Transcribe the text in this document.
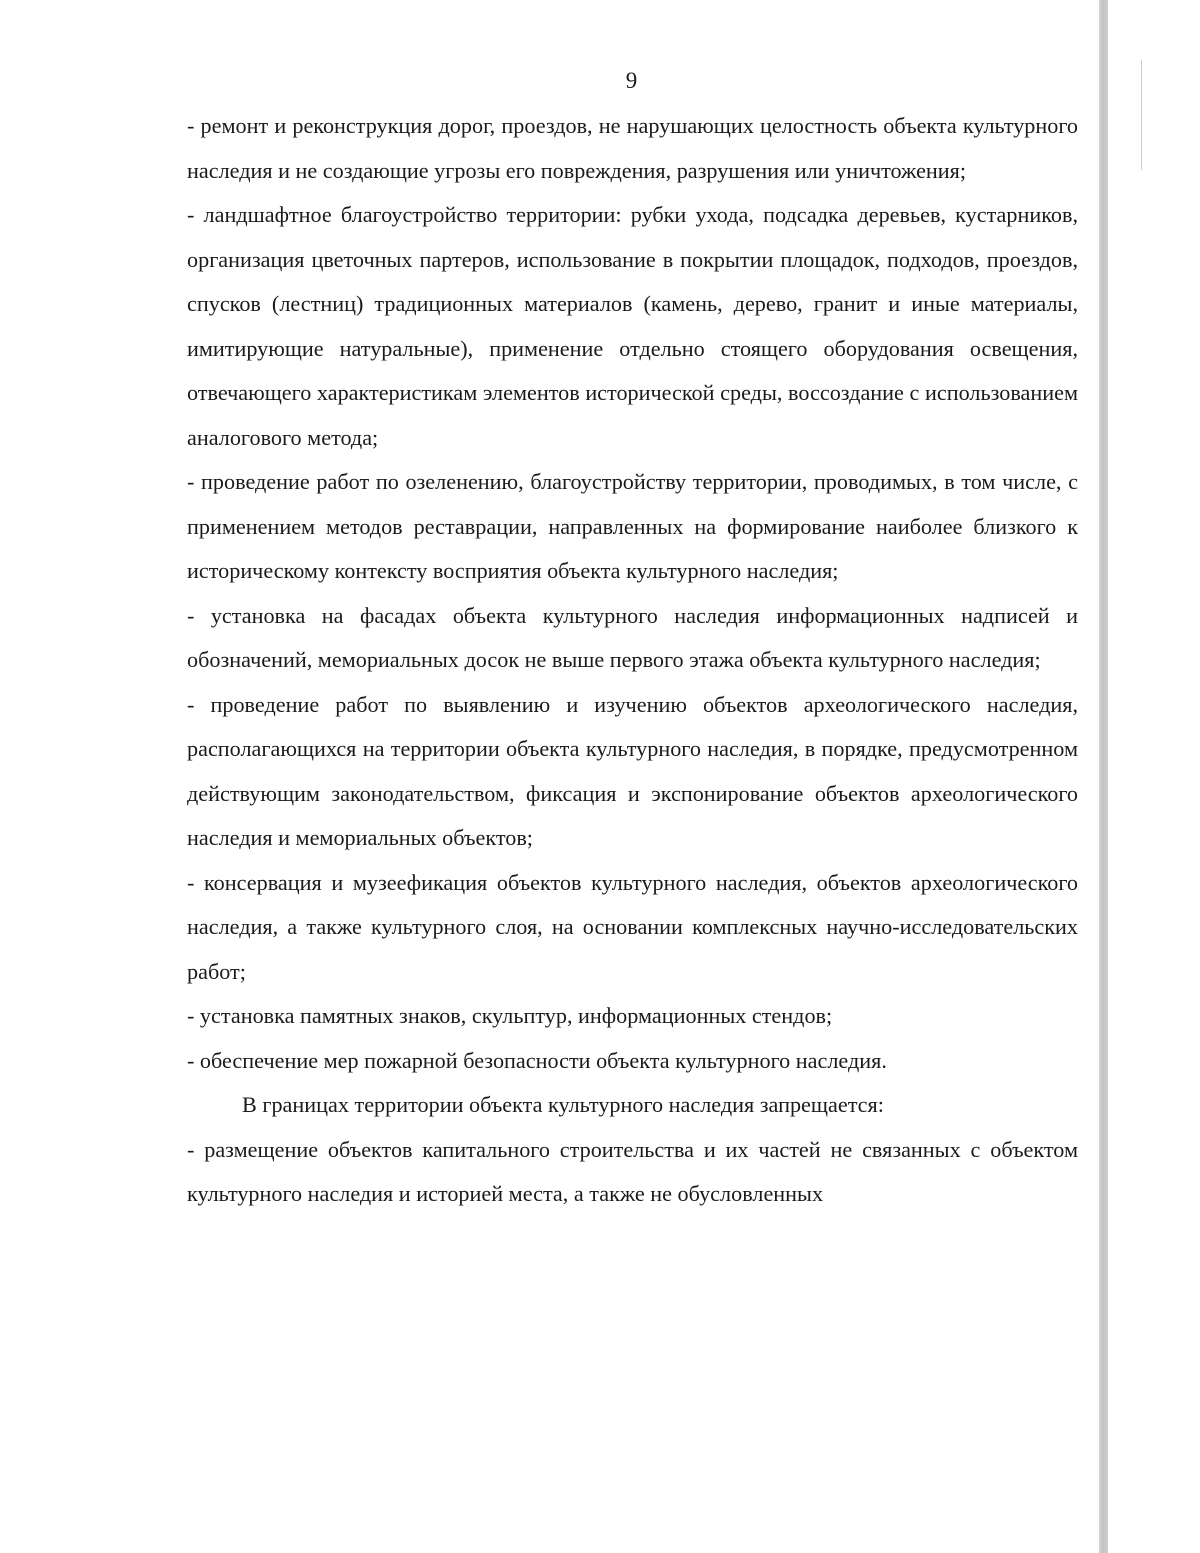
9

- ремонт и реконструкция дорог, проездов, не нарушающих целостность объекта культурного наследия и не создающие угрозы его повреждения, разрушения или уничтожения;

- ландшафтное благоустройство территории: рубки ухода, подсадка деревьев, кустарников, организация цветочных партеров, использование в покрытии площадок, подходов, проездов, спусков (лестниц) традиционных материалов (камень, дерево, гранит и иные материалы, имитирующие натуральные), применение отдельно стоящего оборудования освещения, отвечающего характеристикам элементов исторической среды, воссоздание с использованием аналогового метода;

- проведение работ по озеленению, благоустройству территории, проводимых, в том числе, с применением методов реставрации, направленных на формирование наиболее близкого к историческому контексту восприятия объекта культурного наследия;

- установка на фасадах объекта культурного наследия информационных надписей и обозначений, мемориальных досок не выше первого этажа объекта культурного наследия;

- проведение работ по выявлению и изучению объектов археологического наследия, располагающихся на территории объекта культурного наследия, в порядке, предусмотренном действующим законодательством, фиксация и экспонирование объектов археологического наследия и мемориальных объектов;

- консервация и музеефикация объектов культурного наследия, объектов археологического наследия, а также культурного слоя, на основании комплексных научно-исследовательских работ;

- установка памятных знаков, скульптур, информационных стендов;

- обеспечение мер пожарной безопасности объекта культурного наследия.

В границах территории объекта культурного наследия запрещается:

- размещение объектов капитального строительства и их частей не связанных с объектом культурного наследия и историей места, а также не обусловленных
